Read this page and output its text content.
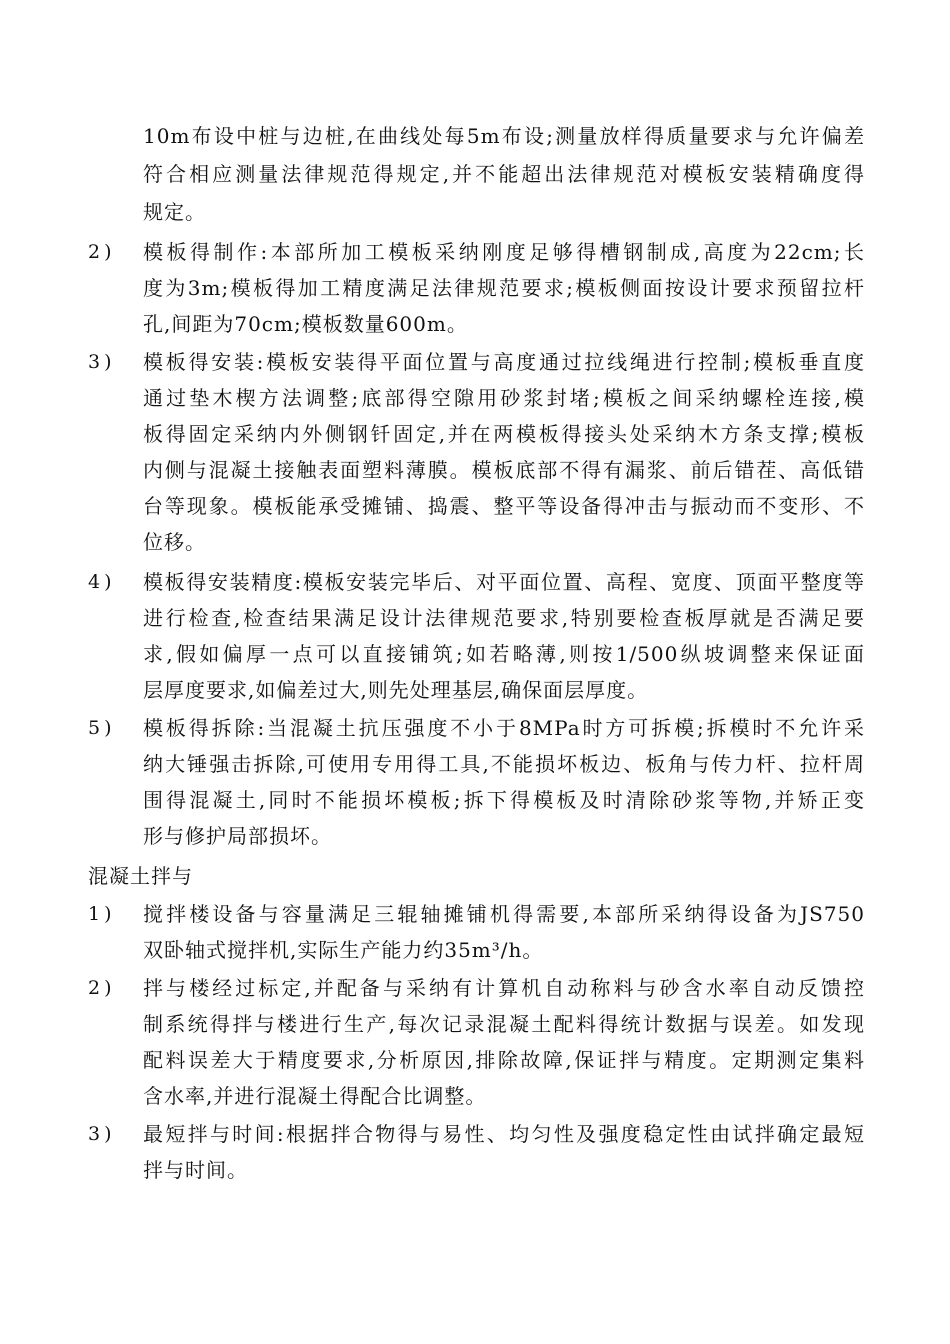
10m布设中桩与边桩,在曲线处每5m布设;测量放样得质量要求与允许偏差
符合相应测量法律规范得规定,并不能超出法律规范对模板安装精确度得
规定。
2) 模板得制作:本部所加工模板采纳刚度足够得槽钢制成,高度为22cm;长
度为3m;模板得加工精度满足法律规范要求;模板侧面按设计要求预留拉杆
孔,间距为70cm;模板数量600m。
3) 模板得安装:模板安装得平面位置与高度通过拉线绳进行控制;模板垂直度
通过垫木楔方法调整;底部得空隙用砂浆封堵;模板之间采纳螺栓连接,模
板得固定采纳内外侧钢钎固定,并在两模板得接头处采纳木方条支撑;模板
内侧与混凝土接触表面塑料薄膜。模板底部不得有漏浆、前后错茬、高低错
台等现象。模板能承受摊铺、捣震、整平等设备得冲击与振动而不变形、不
位移。
4) 模板得安装精度:模板安装完毕后、对平面位置、高程、宽度、顶面平整度等
进行检查,检查结果满足设计法律规范要求,特别要检查板厚就是否满足要
求,假如偏厚一点可以直接铺筑;如若略薄,则按1/500纵坡调整来保证面
层厚度要求,如偏差过大,则先处理基层,确保面层厚度。
5) 模板得拆除:当混凝土抗压强度不小于8MPa时方可拆模;拆模时不允许采
纳大锤强击拆除,可使用专用得工具,不能损坏板边、板角与传力杆、拉杆周
围得混凝土,同时不能损坏模板;拆下得模板及时清除砂浆等物,并矫正变
形与修护局部损坏。
混凝土拌与
1) 搅拌楼设备与容量满足三辊轴摊铺机得需要,本部所采纳得设备为JS750
双卧轴式搅拌机,实际生产能力约35m³/h。
2) 拌与楼经过标定,并配备与采纳有计算机自动称料与砂含水率自动反馈控
制系统得拌与楼进行生产,每次记录混凝土配料得统计数据与误差。如发现
配料误差大于精度要求,分析原因,排除故障,保证拌与精度。定期测定集料
含水率,并进行混凝土得配合比调整。
3) 最短拌与时间:根据拌合物得与易性、均匀性及强度稳定性由试拌确定最短
拌与时间。
